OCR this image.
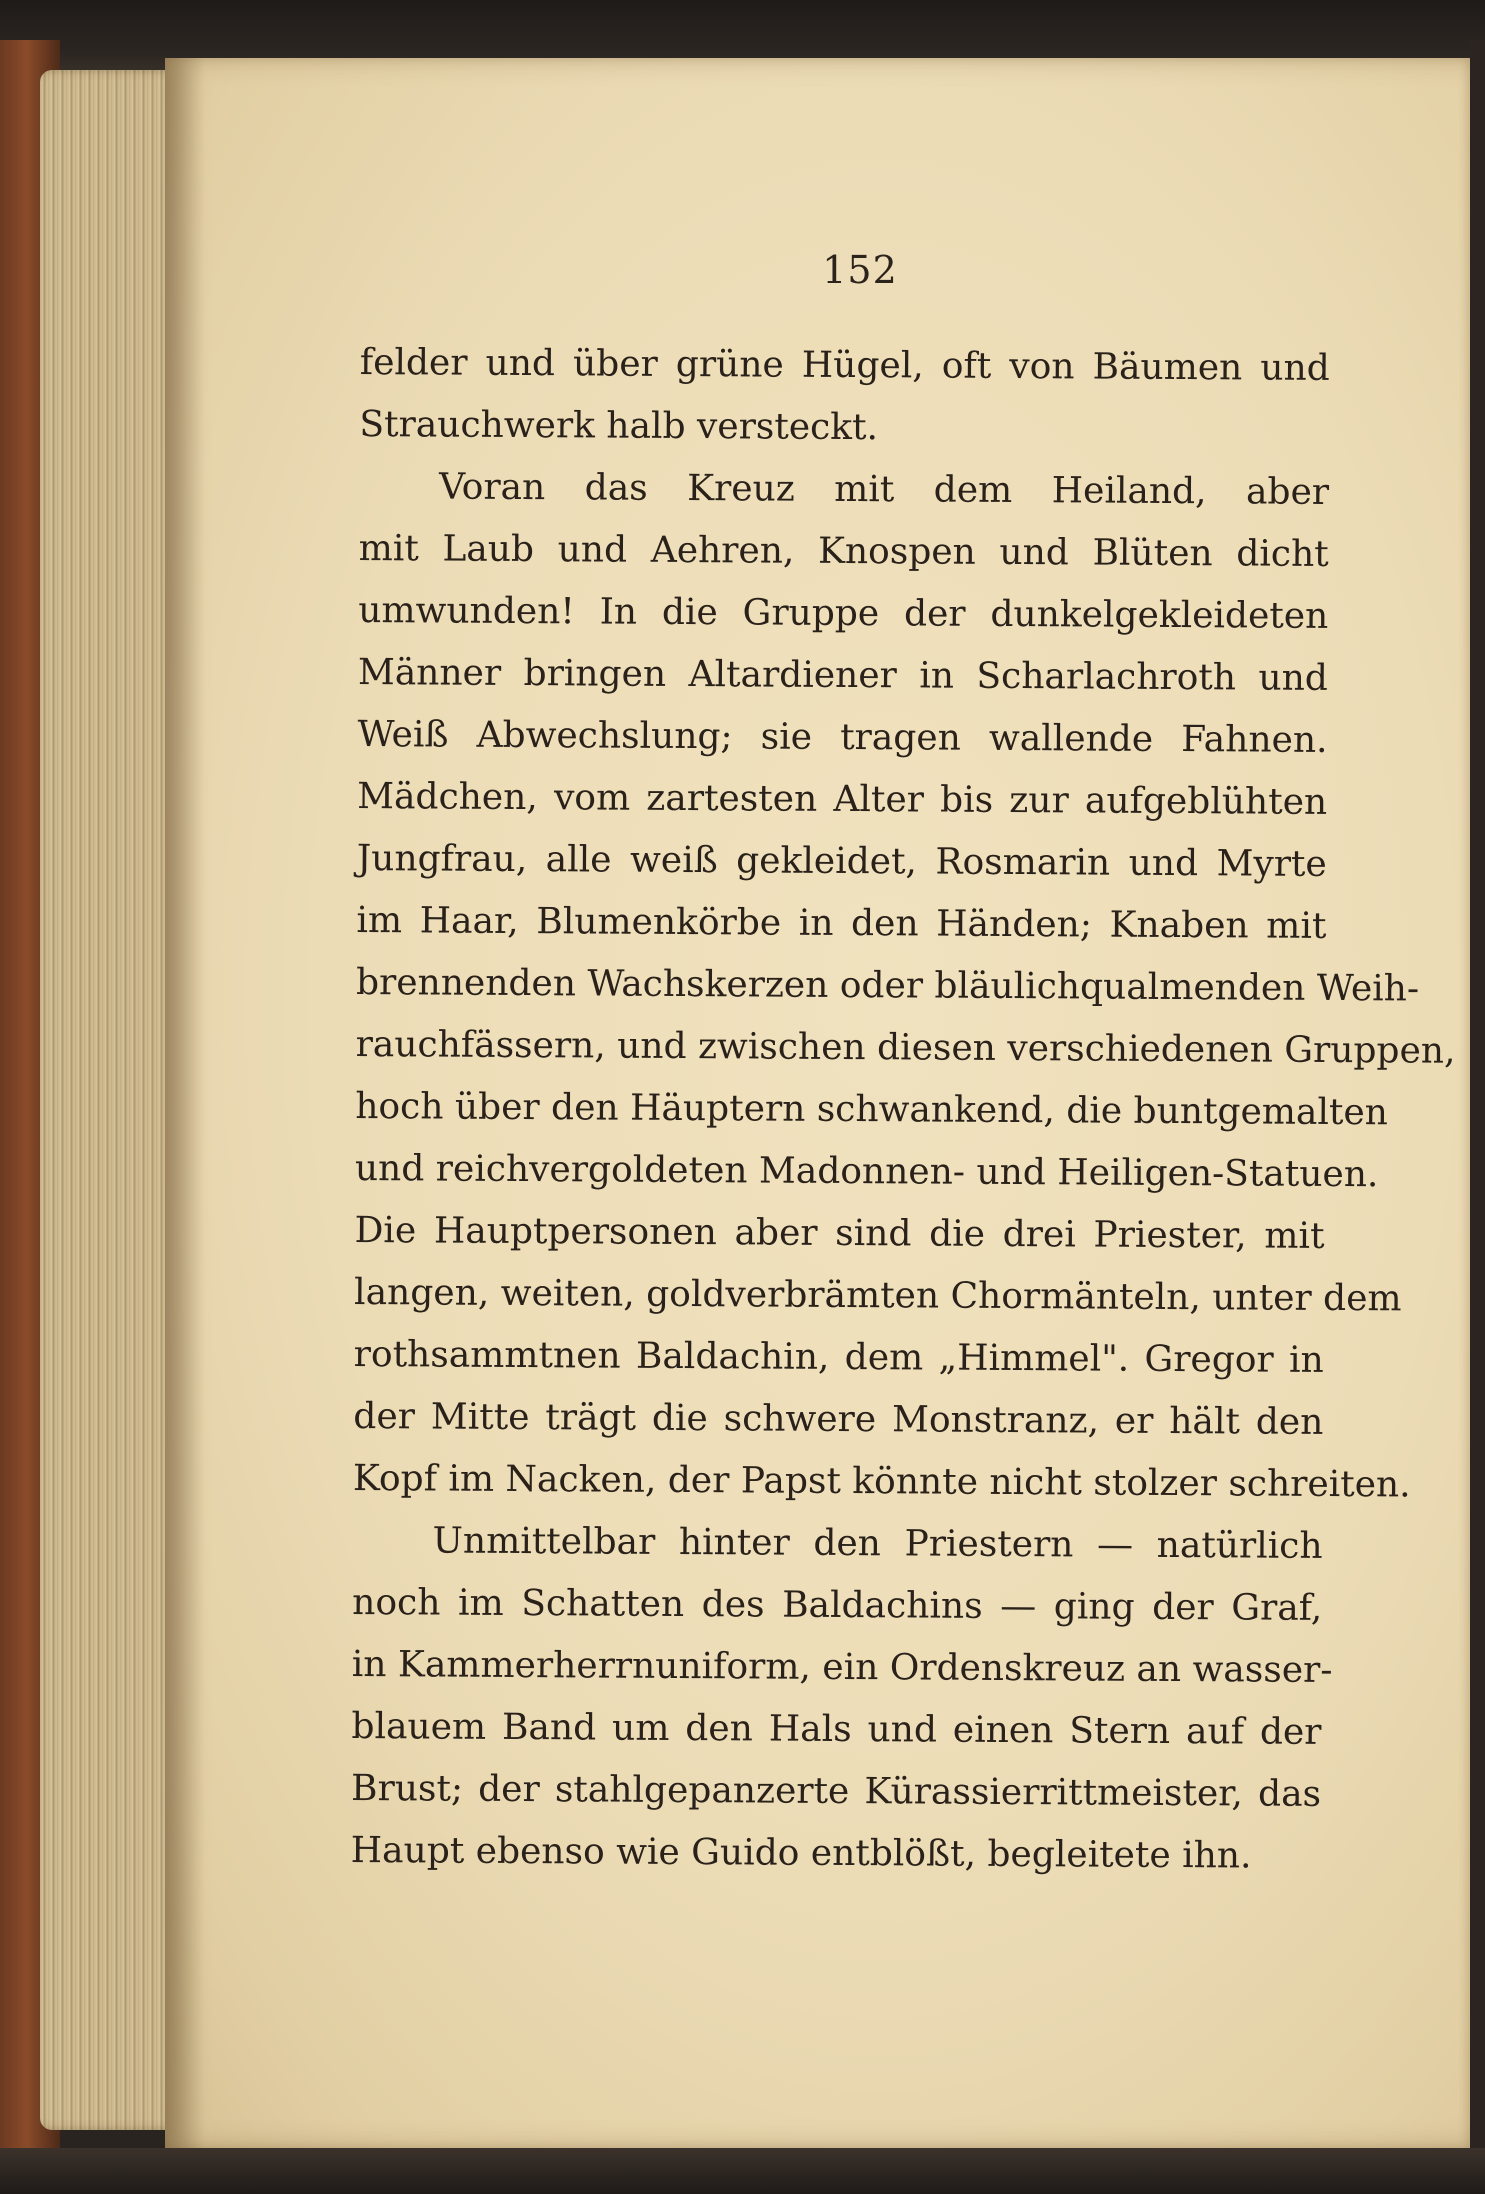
152
felder und über grüne Hügel, oft von Bäumen und
Strauchwerk halb versteckt.
Voran das Kreuz mit dem Heiland, aber
mit Laub und Aehren, Knospen und Blüten dicht
umwunden! In die Gruppe der dunkelgekleideten
Männer bringen Altardiener in Scharlachroth und
Weiß Abwechslung; sie tragen wallende Fahnen.
Mädchen, vom zartesten Alter bis zur aufgeblühten
Jungfrau, alle weiß gekleidet, Rosmarin und Myrte
im Haar, Blumenkörbe in den Händen; Knaben mit
brennenden Wachskerzen oder bläulichqualmenden Weih-
rauchfässern, und zwischen diesen verschiedenen Gruppen,
hoch über den Häuptern schwankend, die buntgemalten
und reichvergoldeten Madonnen- und Heiligen-Statuen.
Die Hauptpersonen aber sind die drei Priester, mit
langen, weiten, goldverbrämten Chormänteln, unter dem
rothsammtnen Baldachin, dem „Himmel". Gregor in
der Mitte trägt die schwere Monstranz, er hält den
Kopf im Nacken, der Papst könnte nicht stolzer schreiten.
Unmittelbar hinter den Priestern — natürlich
noch im Schatten des Baldachins — ging der Graf,
in Kammerherrnuniform, ein Ordenskreuz an wasser-
blauem Band um den Hals und einen Stern auf der
Brust; der stahlgepanzerte Kürassierrittmeister, das
Haupt ebenso wie Guido entblößt, begleitete ihn.
